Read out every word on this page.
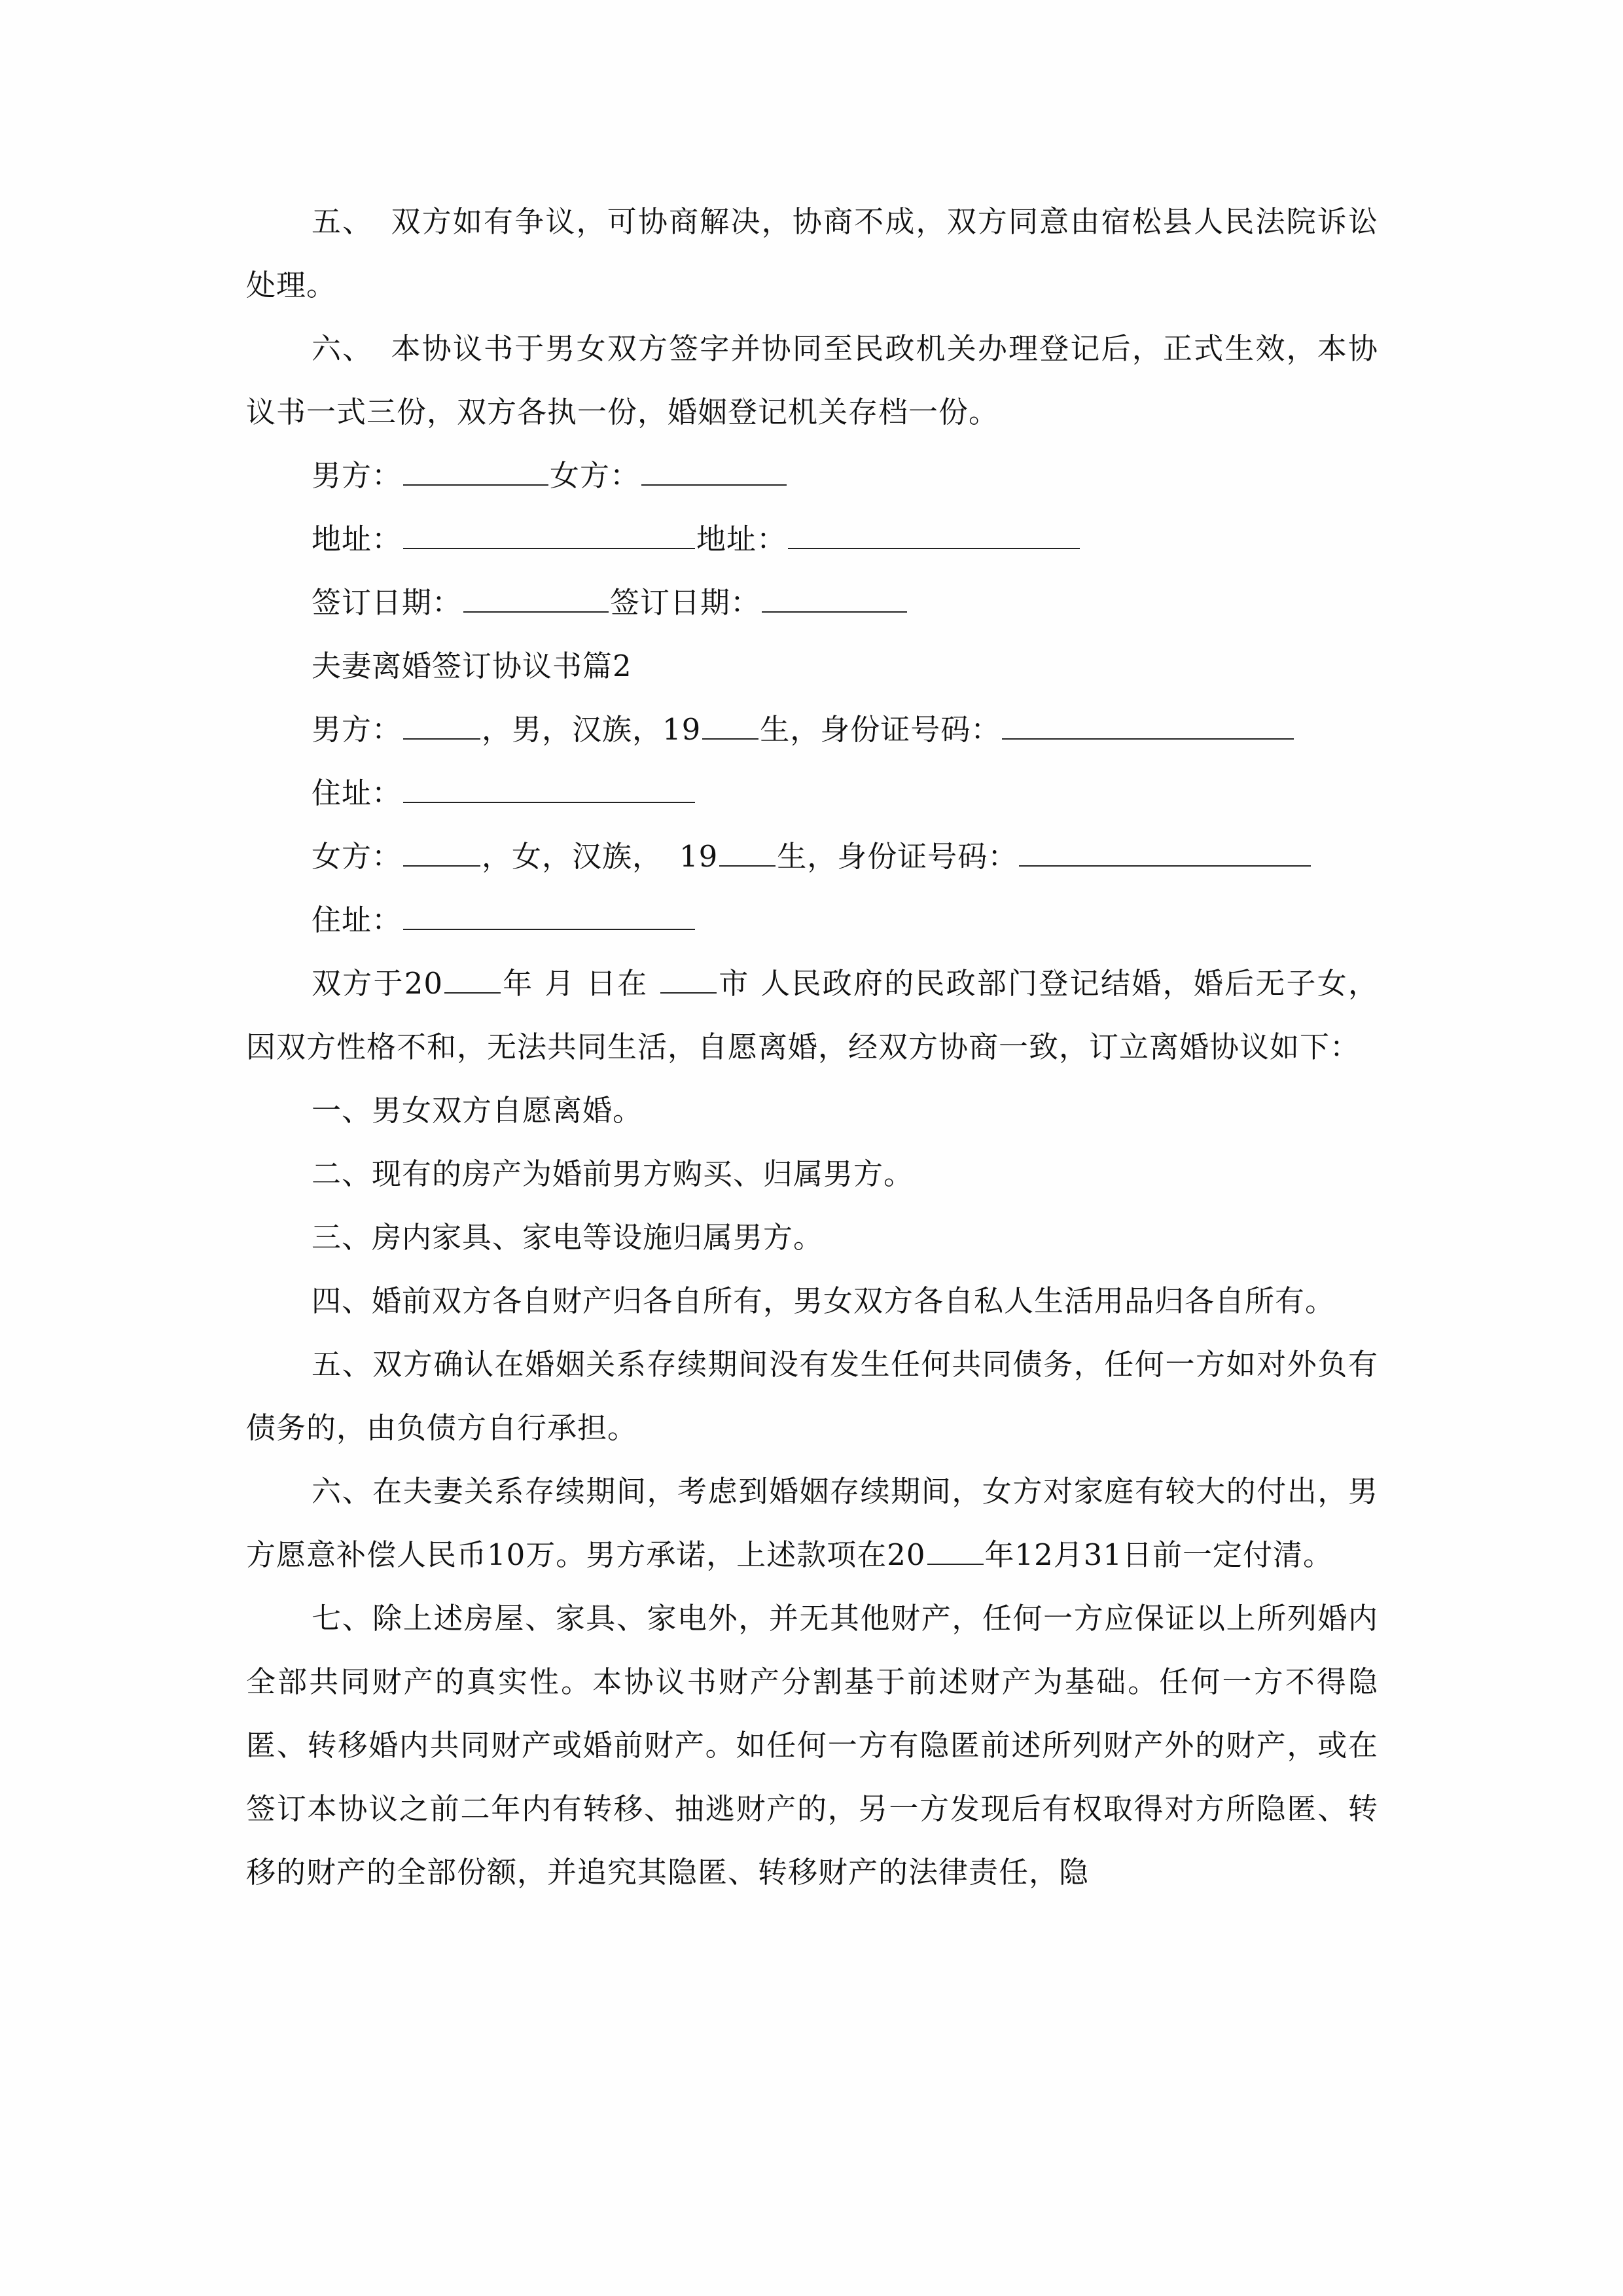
五、 双方如有争议，可协商解决，协商不成，双方同意由宿松县人民法院诉讼处理。

六、 本协议书于男女双方签字并协同至民政机关办理登记后，正式生效，本协议书一式三份，双方各执一份，婚姻登记机关存档一份。

男方：	女方：

地址：	地址：

签订日期：	签订日期：

夫妻离婚签订协议书篇2

男方：	，男，汉族，19 生，身份证号码：

住址：

女方：	，女，汉族， 19 生，身份证号码：

住址：

双方于20 年 月 日在 市 人民政府的民政部门登记结婚，婚后无子女，因双方性格不和，无法共同生活，自愿离婚，经双方协商一致，订立离婚协议如下：

一、男女双方自愿离婚。

二、现有的房产为婚前男方购买、归属男方。

三、房内家具、家电等设施归属男方。

四、婚前双方各自财产归各自所有，男女双方各自私人生活用品归各自所有。

五、双方确认在婚姻关系存续期间没有发生任何共同债务，任何一方如对外负有债务的，由负债方自行承担。

六、在夫妻关系存续期间，考虑到婚姻存续期间，女方对家庭有较大的付出，男方愿意补偿人民币10万。男方承诺，上述款项在20 年12月31日前一定付清。

七、除上述房屋、家具、家电外，并无其他财产，任何一方应保证以上所列婚内全部共同财产的真实性。本协议书财产分割基于前述财产为基础。任何一方不得隐匿、转移婚内共同财产或婚前财产。如任何一方有隐匿前述所列财产外的财产，或在签订本协议之前二年内有转移、抽逃财产的，另一方发现后有权取得对方所隐匿、转移的财产的全部份额，并追究其隐匿、转移财产的法律责任，隐
